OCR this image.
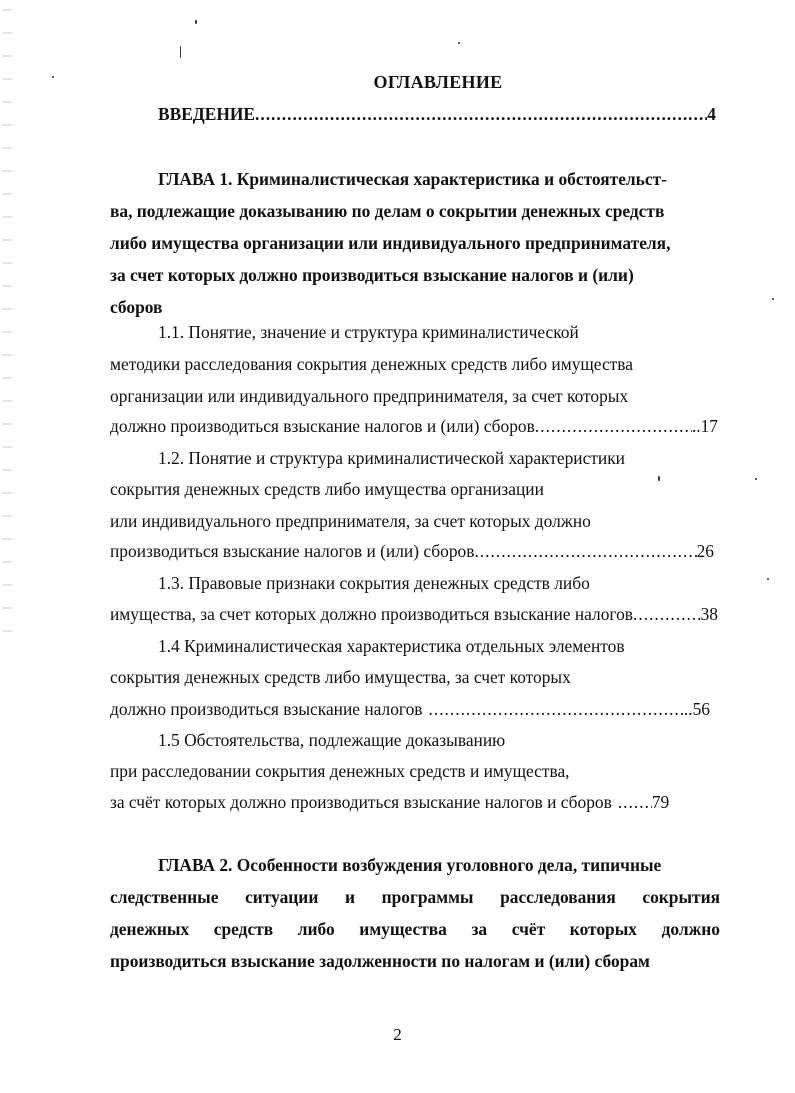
ОГЛАВЛЕНИЕ
ВВЕДЕНИЕ .....	4
ГЛАВА 1. Криминалистическая характеристика и обстоятельст-
ва, подлежащие доказыванию по делам о сокрытии денежных средств
либо имущества организации или индивидуального предпринимателя,
за счет которых должно производиться взыскание налогов и (или)
сборов
1.1. Понятие, значение и структура криминалистической
методики расследования сокрытия денежных средств либо имущества
организации или индивидуального предпринимателя, за счет которых
должно производиться взыскание налогов и (или) сборов .....	..17
1.2. Понятие и структура криминалистической характеристики
сокрытия денежных средств либо имущества организации
или индивидуального предпринимателя, за счет которых должно
производиться взыскание налогов и (или) сборов .....	26
1.3. Правовые признаки сокрытия денежных средств либо
имущества, за счет которых должно производиться взыскание налогов .....	38
1.4 Криминалистическая характеристика отдельных элементов
сокрытия денежных средств либо имущества, за счет которых
должно производиться взыскание налогов .....	..56
1.5 Обстоятельства, подлежащие доказыванию
при расследовании сокрытия денежных средств и имущества,
за счёт которых должно производиться взыскание налогов и сборов ..... 79
ГЛАВА 2. Особенности возбуждения уголовного дела, типичные
следственные ситуации и программы расследования сокрытия
денежных средств либо имущества за счёт которых должно
производиться взыскание задолженности по налогам и (или) сборам
2
